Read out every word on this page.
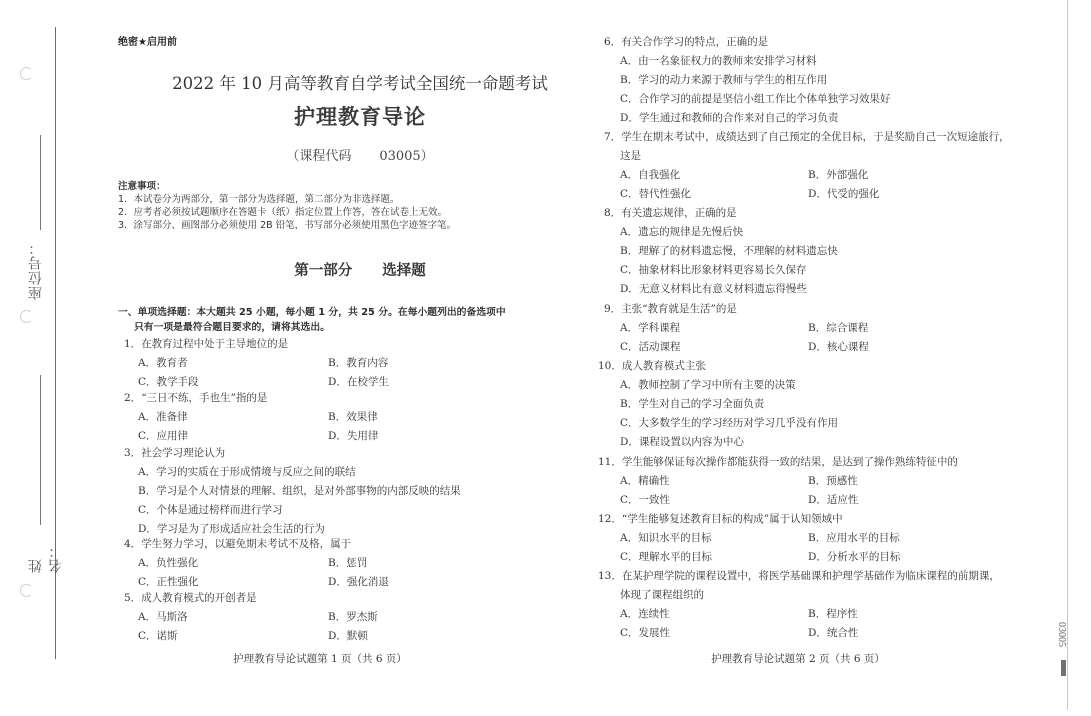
座位号：
姓名：
03005
绝密★启用前
2022 年 10 月高等教育自学考试全国统一命题考试
护理教育导论
（课程代码 03005）
注意事项：
1．本试卷分为两部分，第一部分为选择题，第二部分为非选择题。
2．应考者必须按试题顺序在答题卡（纸）指定位置上作答，答在试卷上无效。
3．涂写部分、画图部分必须使用 2B 铅笔，书写部分必须使用黑色字迹签字笔。
第一部分 选择题
一、单项选择题：本大题共 25 小题，每小题 1 分，共 25 分。在每小题列出的备选项中
只有一项是最符合题目要求的，请将其选出。
1．在教育过程中处于主导地位的是
A．教育者	B．教育内容
C．教学手段	D．在校学生
2．“三日不练，手也生”指的是
A．准备律	B．效果律
C．应用律	D．失用律
3．社会学习理论认为
A．学习的实质在于形成情境与反应之间的联结
B．学习是个人对情景的理解、组织，是对外部事物的内部反映的结果
C．个体是通过榜样而进行学习
D．学习是为了形成适应社会生活的行为
4．学生努力学习，以避免期末考试不及格，属于
A．负性强化	B．惩罚
C．正性强化	D．强化消退
5．成人教育模式的开创者是
A．马斯洛	B．罗杰斯
C．诺斯	D．默顿
护理教育导论试题第 1 页（共 6 页）
6．有关合作学习的特点，正确的是
A．由一名象征权力的教师来安排学习材料
B．学习的动力来源于教师与学生的相互作用
C．合作学习的前提是坚信小组工作比个体单独学习效果好
D．学生通过和教师的合作来对自己的学习负责
7．学生在期末考试中，成绩达到了自己预定的全优目标，于是奖励自己一次短途旅行，
这是
A．自我强化	B．外部强化
C．替代性强化	D．代受的强化
8．有关遗忘规律，正确的是
A．遗忘的规律是先慢后快
B．理解了的材料遗忘慢，不理解的材料遗忘快
C．抽象材料比形象材料更容易长久保存
D．无意义材料比有意义材料遗忘得慢些
9．主张“教育就是生活”的是
A．学科课程	B．综合课程
C．活动课程	D．核心课程
10．成人教育模式主张
A．教师控制了学习中所有主要的决策
B．学生对自己的学习全面负责
C．大多数学生的学习经历对学习几乎没有作用
D．课程设置以内容为中心
11．学生能够保证每次操作都能获得一致的结果，是达到了操作熟练特征中的
A．精确性	B．预感性
C．一致性	D．适应性
12．“学生能够复述教育目标的构成”属于认知领域中
A．知识水平的目标	B．应用水平的目标
C．理解水平的目标	D．分析水平的目标
13．在某护理学院的课程设置中，将医学基础课和护理学基础作为临床课程的前期课，
体现了课程组织的
A．连续性	B．程序性
C．发展性	D．统合性
护理教育导论试题第 2 页（共 6 页）
